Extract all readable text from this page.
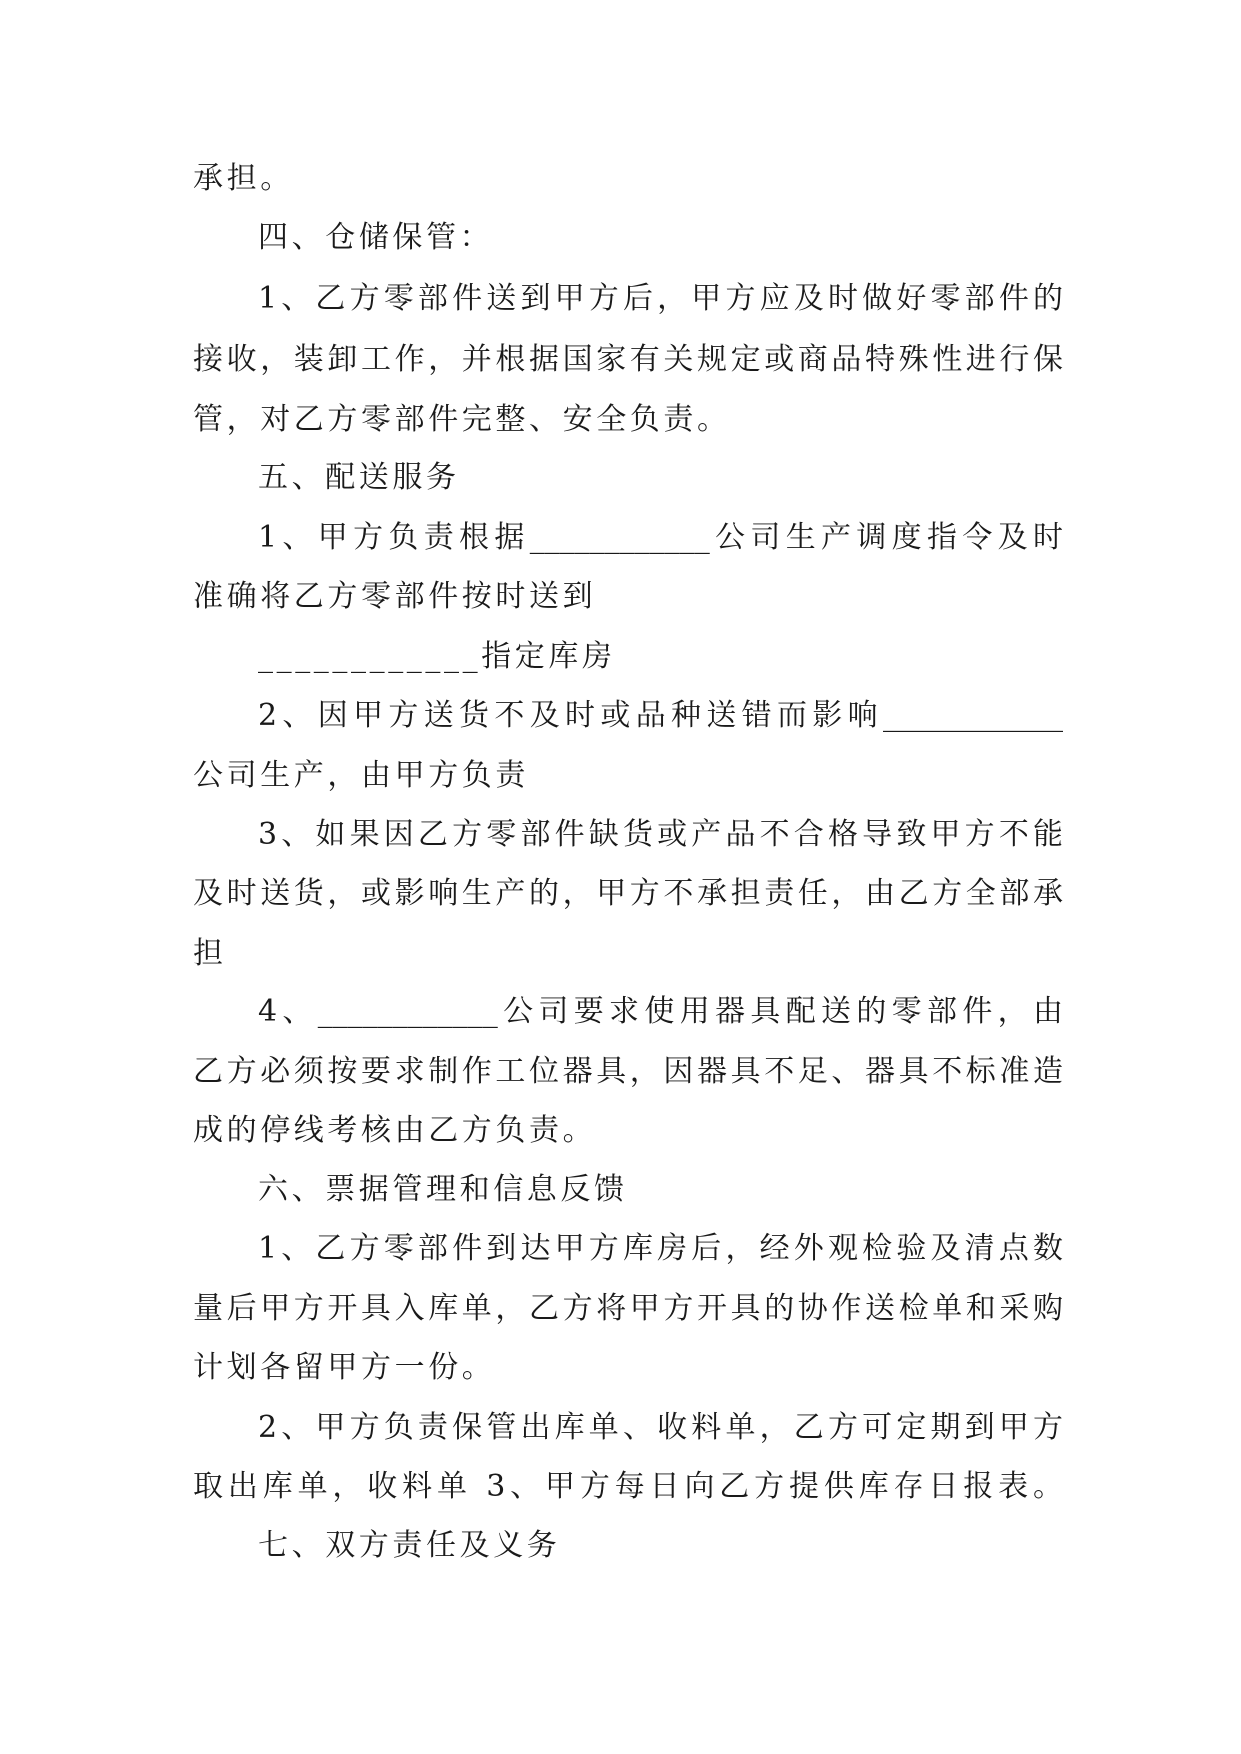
承担。
四、仓储保管：
1、乙方零部件送到甲方后，甲方应及时做好零部件的
接收，装卸工作，并根据国家有关规定或商品特殊性进行保
管，对乙方零部件完整、安全负责。
五、配送服务
1、甲方负责根据____________公司生产调度指令及时
准确将乙方零部件按时送到
____________指定库房
2、因甲方送货不及时或品种送错而影响____________
公司生产，由甲方负责
3、如果因乙方零部件缺货或产品不合格导致甲方不能
及时送货，或影响生产的，甲方不承担责任，由乙方全部承
担
4、____________公司要求使用器具配送的零部件，由
乙方必须按要求制作工位器具，因器具不足、器具不标准造
成的停线考核由乙方负责。
六、票据管理和信息反馈
1、乙方零部件到达甲方库房后，经外观检验及清点数
量后甲方开具入库单，乙方将甲方开具的协作送检单和采购
计划各留甲方一份。
2、甲方负责保管出库单、收料单，乙方可定期到甲方
取出库单，收料单 3、甲方每日向乙方提供库存日报表。
七、双方责任及义务
